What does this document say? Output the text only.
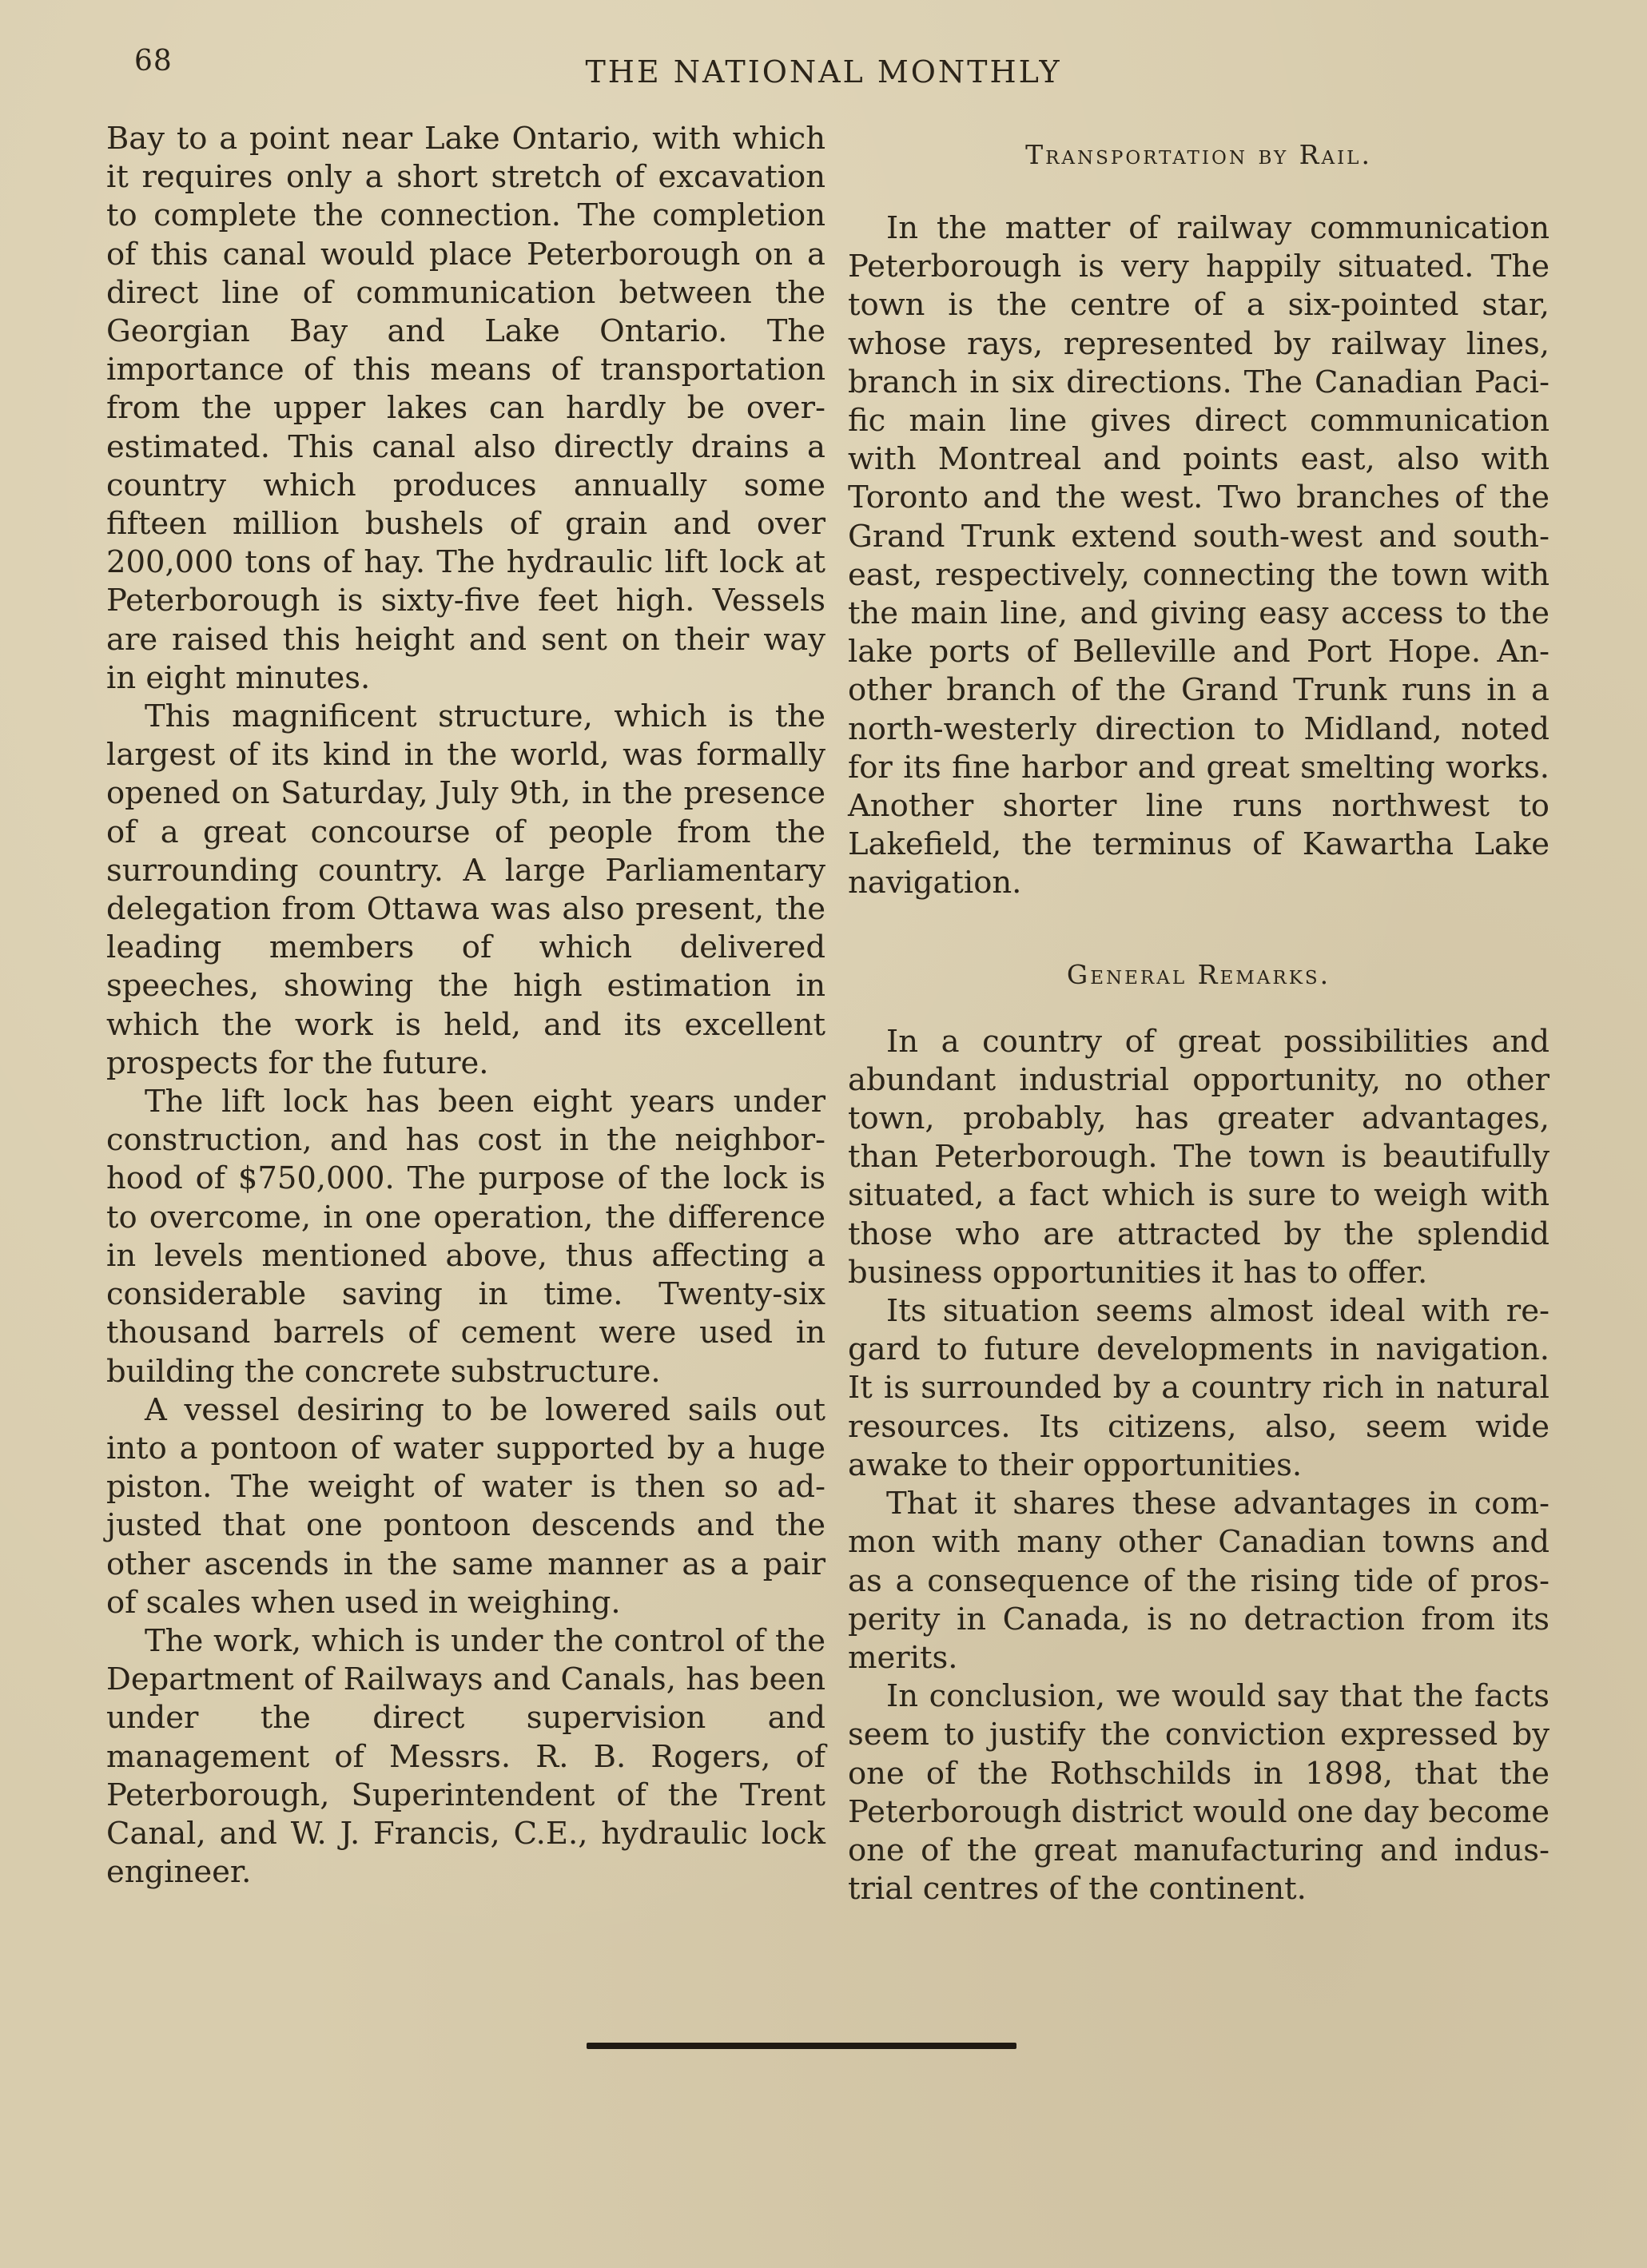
68	THE NATIONAL MONTHLY

Bay to a point near Lake Ontario, with which it requires only a short stretch of excavation to complete the connection. The completion of this canal would place Peterborough on a direct line of communication between the Georgian Bay and Lake Ontario. The importance of this means of transportation from the upper lakes can hardly be over-estimated. This canal also directly drains a country which produces annually some fifteen million bushels of grain and over 200,000 tons of hay. The hydraulic lift lock at Peterborough is sixty-five feet high. Vessels are raised this height and sent on their way in eight minutes.

This magnificent structure, which is the largest of its kind in the world, was formally opened on Saturday, July 9th, in the presence of a great concourse of people from the surrounding country. A large Parliamentary delegation from Ottawa was also present, the leading members of which delivered speeches, showing the high estimation in which the work is held, and its excellent prospects for the future.

The lift lock has been eight years under construction, and has cost in the neighborhood of $750,000. The purpose of the lock is to overcome, in one operation, the difference in levels mentioned above, thus affecting a considerable saving in time. Twenty-six thousand barrels of cement were used in building the concrete substructure.

A vessel desiring to be lowered sails out into a pontoon of water supported by a huge piston. The weight of water is then so adjusted that one pontoon descends and the other ascends in the same manner as a pair of scales when used in weighing.

The work, which is under the control of the Department of Railways and Canals, has been under the direct supervision and management of Messrs. R. B. Rogers, of Peterborough, Superintendent of the Trent Canal, and W. J. Francis, C.E., hydraulic lock engineer.

Transportation by Rail.

In the matter of railway communication Peterborough is very happily situated. The town is the centre of a six-pointed star, whose rays, represented by railway lines, branch in six directions. The Canadian Pacific main line gives direct communication with Montreal and points east, also with Toronto and the west. Two branches of the Grand Trunk extend south-west and south-east, respectively, connecting the town with the main line, and giving easy access to the lake ports of Belleville and Port Hope. Another branch of the Grand Trunk runs in a north-westerly direction to Midland, noted for its fine harbor and great smelting works. Another shorter line runs northwest to Lakefield, the terminus of Kawartha Lake navigation.

General Remarks.

In a country of great possibilities and abundant industrial opportunity, no other town, probably, has greater advantages, than Peterborough. The town is beautifully situated, a fact which is sure to weigh with those who are attracted by the splendid business opportunities it has to offer.

Its situation seems almost ideal with regard to future developments in navigation. It is surrounded by a country rich in natural resources. Its citizens, also, seem wide awake to their opportunities.

That it shares these advantages in common with many other Canadian towns and as a consequence of the rising tide of prosperity in Canada, is no detraction from its merits.

In conclusion, we would say that the facts seem to justify the conviction expressed by one of the Rothschilds in 1898, that the Peterborough district would one day become one of the great manufacturing and industrial centres of the continent.
